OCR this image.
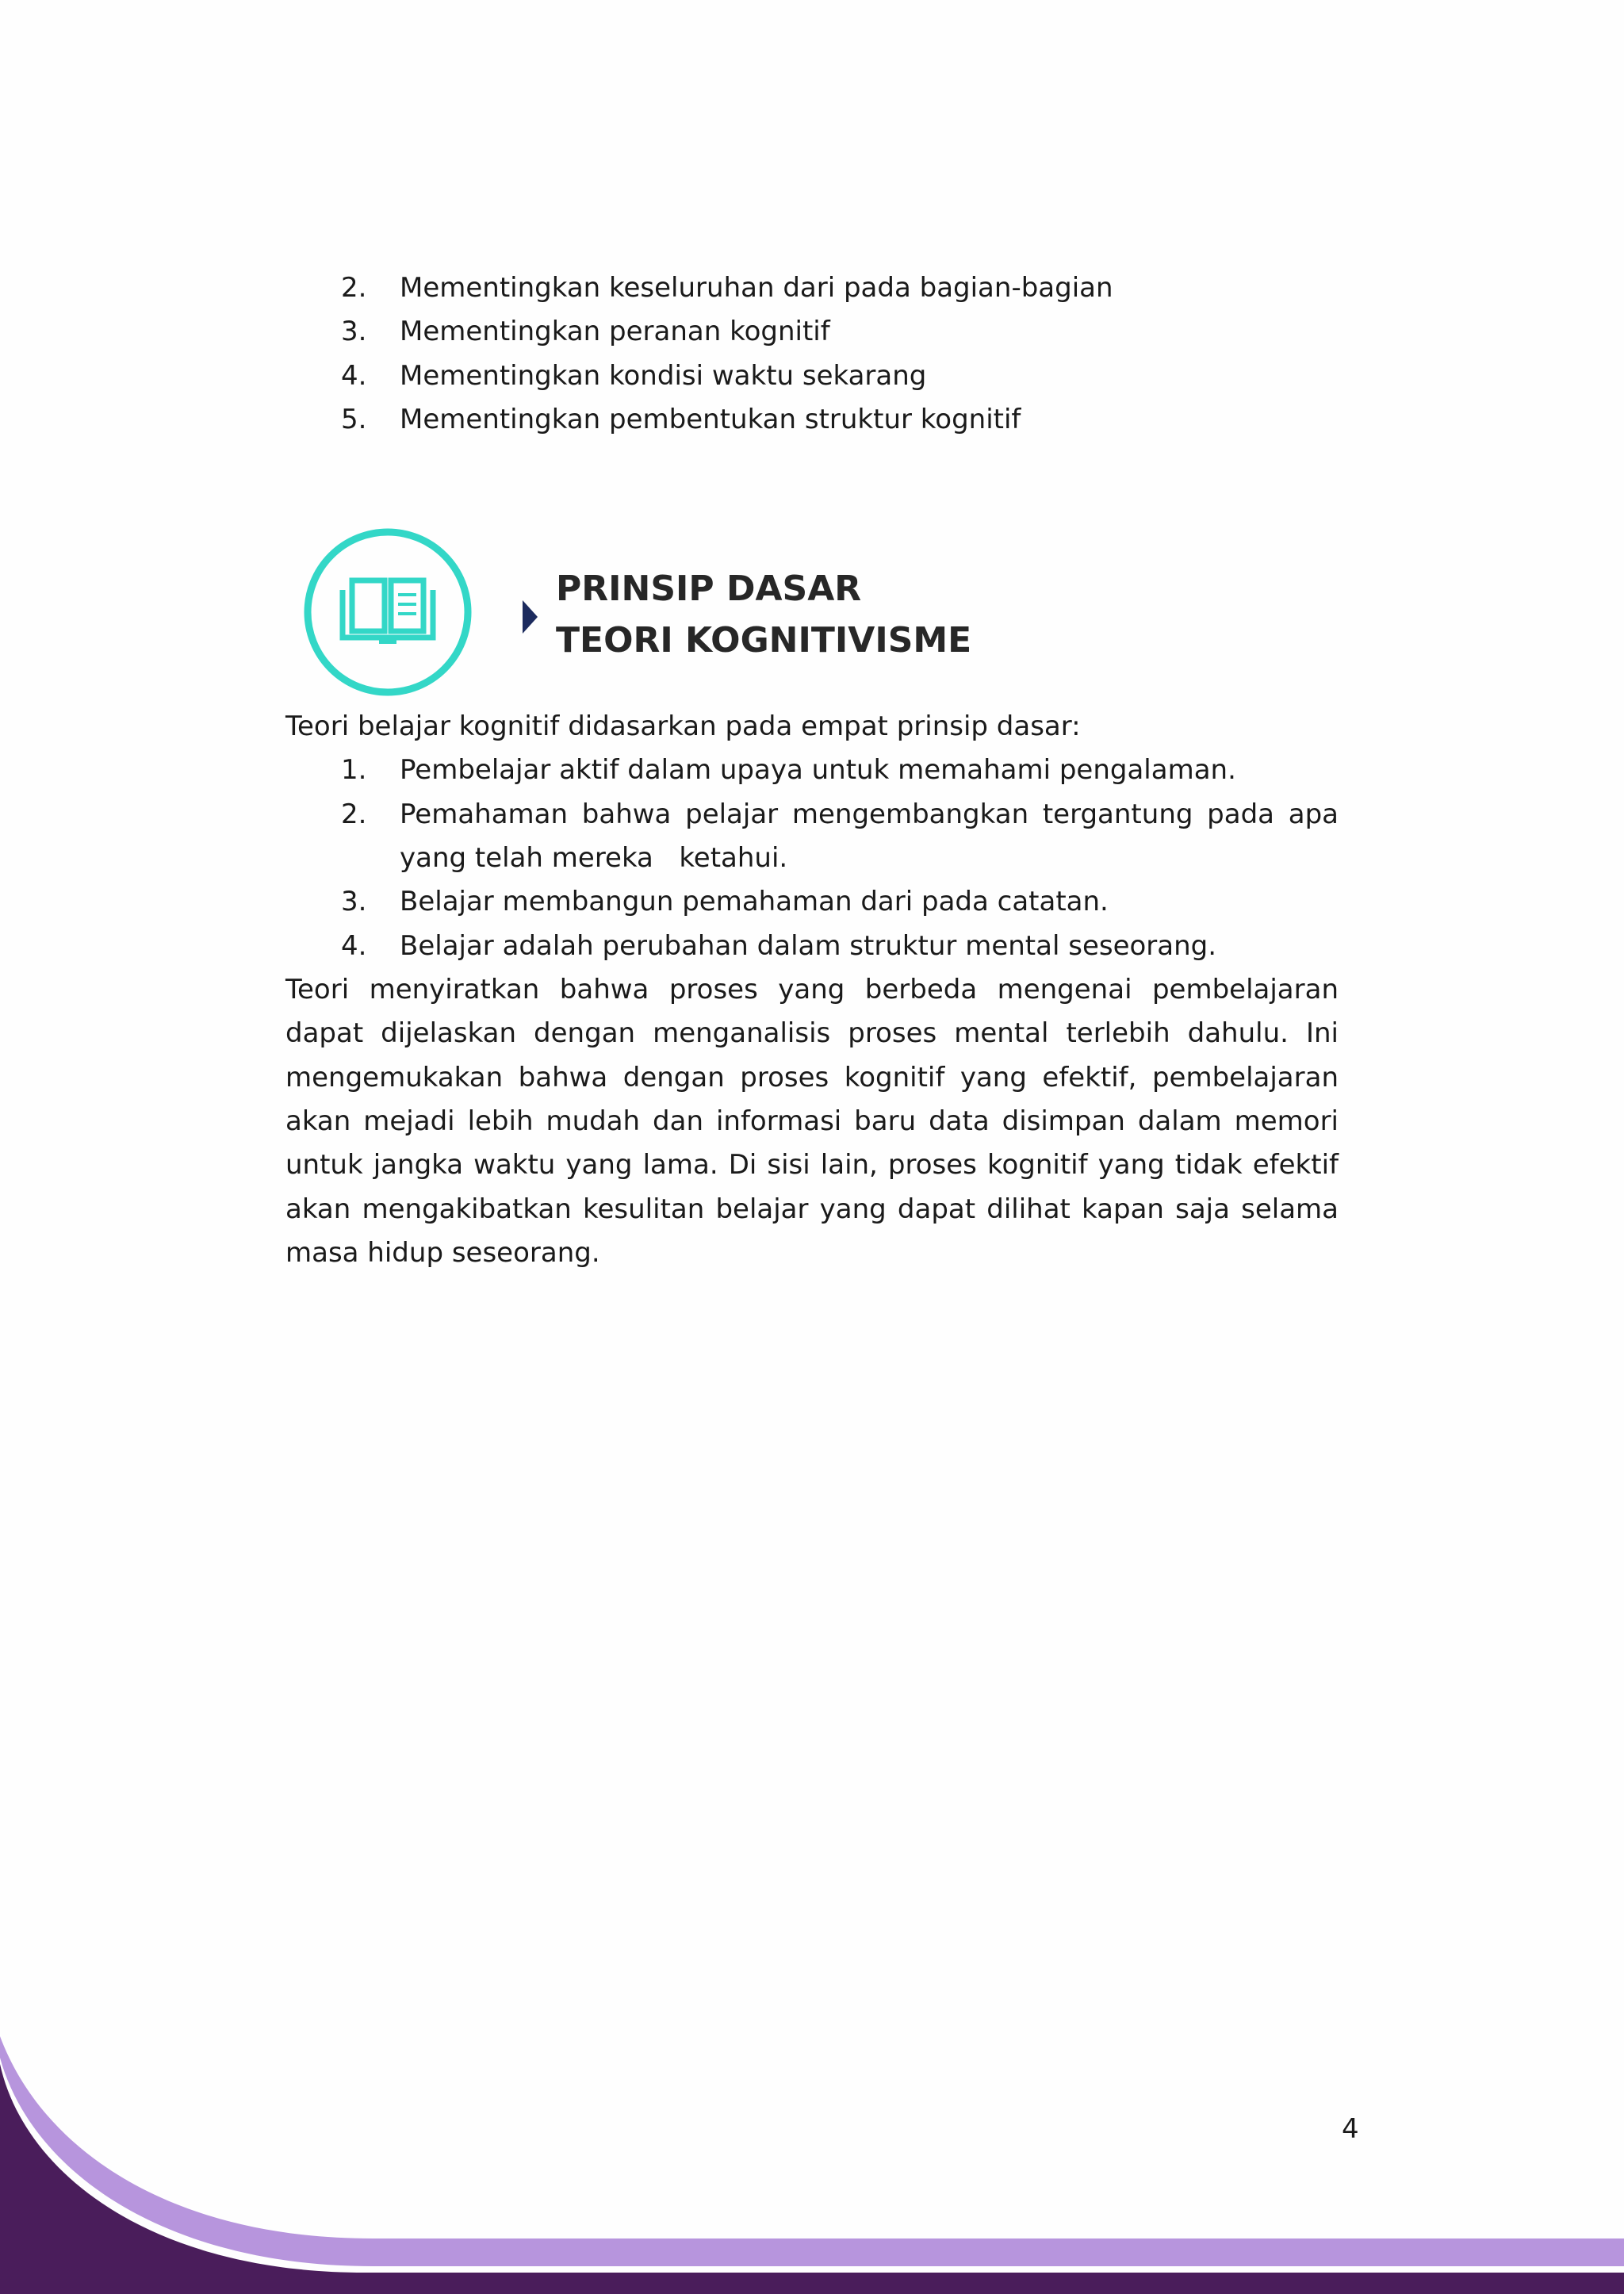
2. Mementingkan keseluruhan dari pada bagian-bagian
3. Mementingkan peranan kognitif
4. Mementingkan kondisi waktu sekarang
5. Mementingkan pembentukan struktur kognitif
PRINSIP DASAR
TEORI KOGNITIVISME
Teori belajar kognitif didasarkan pada empat prinsip dasar:
1. Pembelajar aktif dalam upaya untuk memahami pengalaman.
2. Pemahaman bahwa pelajar mengembangkan tergantung pada apa
yang telah mereka   ketahui.
3. Belajar membangun pemahaman dari pada catatan.
4. Belajar adalah perubahan dalam struktur mental seseorang.
Teori menyiratkan bahwa proses yang berbeda mengenai pembelajaran
dapat dijelaskan dengan menganalisis proses mental terlebih dahulu. Ini
mengemukakan bahwa dengan proses kognitif yang efektif, pembelajaran
akan mejadi lebih mudah dan informasi baru data disimpan dalam memori
untuk jangka waktu yang lama. Di sisi lain, proses kognitif yang tidak efektif
akan mengakibatkan kesulitan belajar yang dapat dilihat kapan saja selama
masa hidup seseorang.
4
